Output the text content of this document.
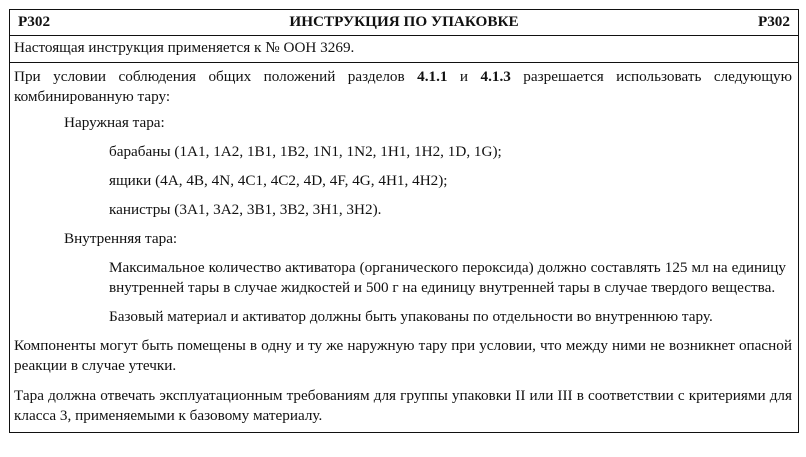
P302	ИНСТРУКЦИЯ ПО УПАКОВКЕ	P302
Настоящая инструкция применяется к № ООН 3269.

При условии соблюдения общих положений разделов 4.1.1 и 4.1.3 разрешается использовать следующую комбинированную тару:

Наружная тара:

барабаны (1A1, 1A2, 1B1, 1B2, 1N1, 1N2, 1H1, 1H2, 1D, 1G);

ящики (4A, 4B, 4N, 4C1, 4C2, 4D, 4F, 4G, 4H1, 4H2);

канистры (3A1, 3A2, 3B1, 3B2, 3H1, 3H2).

Внутренняя тара:

Максимальное количество активатора (органического пероксида) должно составлять 125 мл на единицу внутренней тары в случае жидкостей и 500 г на единицу внутренней тары в случае твердого вещества.

Базовый материал и активатор должны быть упакованы по отдельности во внутреннюю тару.

Компоненты могут быть помещены в одну и ту же наружную тару при условии, что между ними не возникнет опасной реакции в случае утечки.

Тара должна отвечать эксплуатационным требованиям для группы упаковки II или III в соответствии с критериями для класса 3, применяемыми к базовому материалу.
